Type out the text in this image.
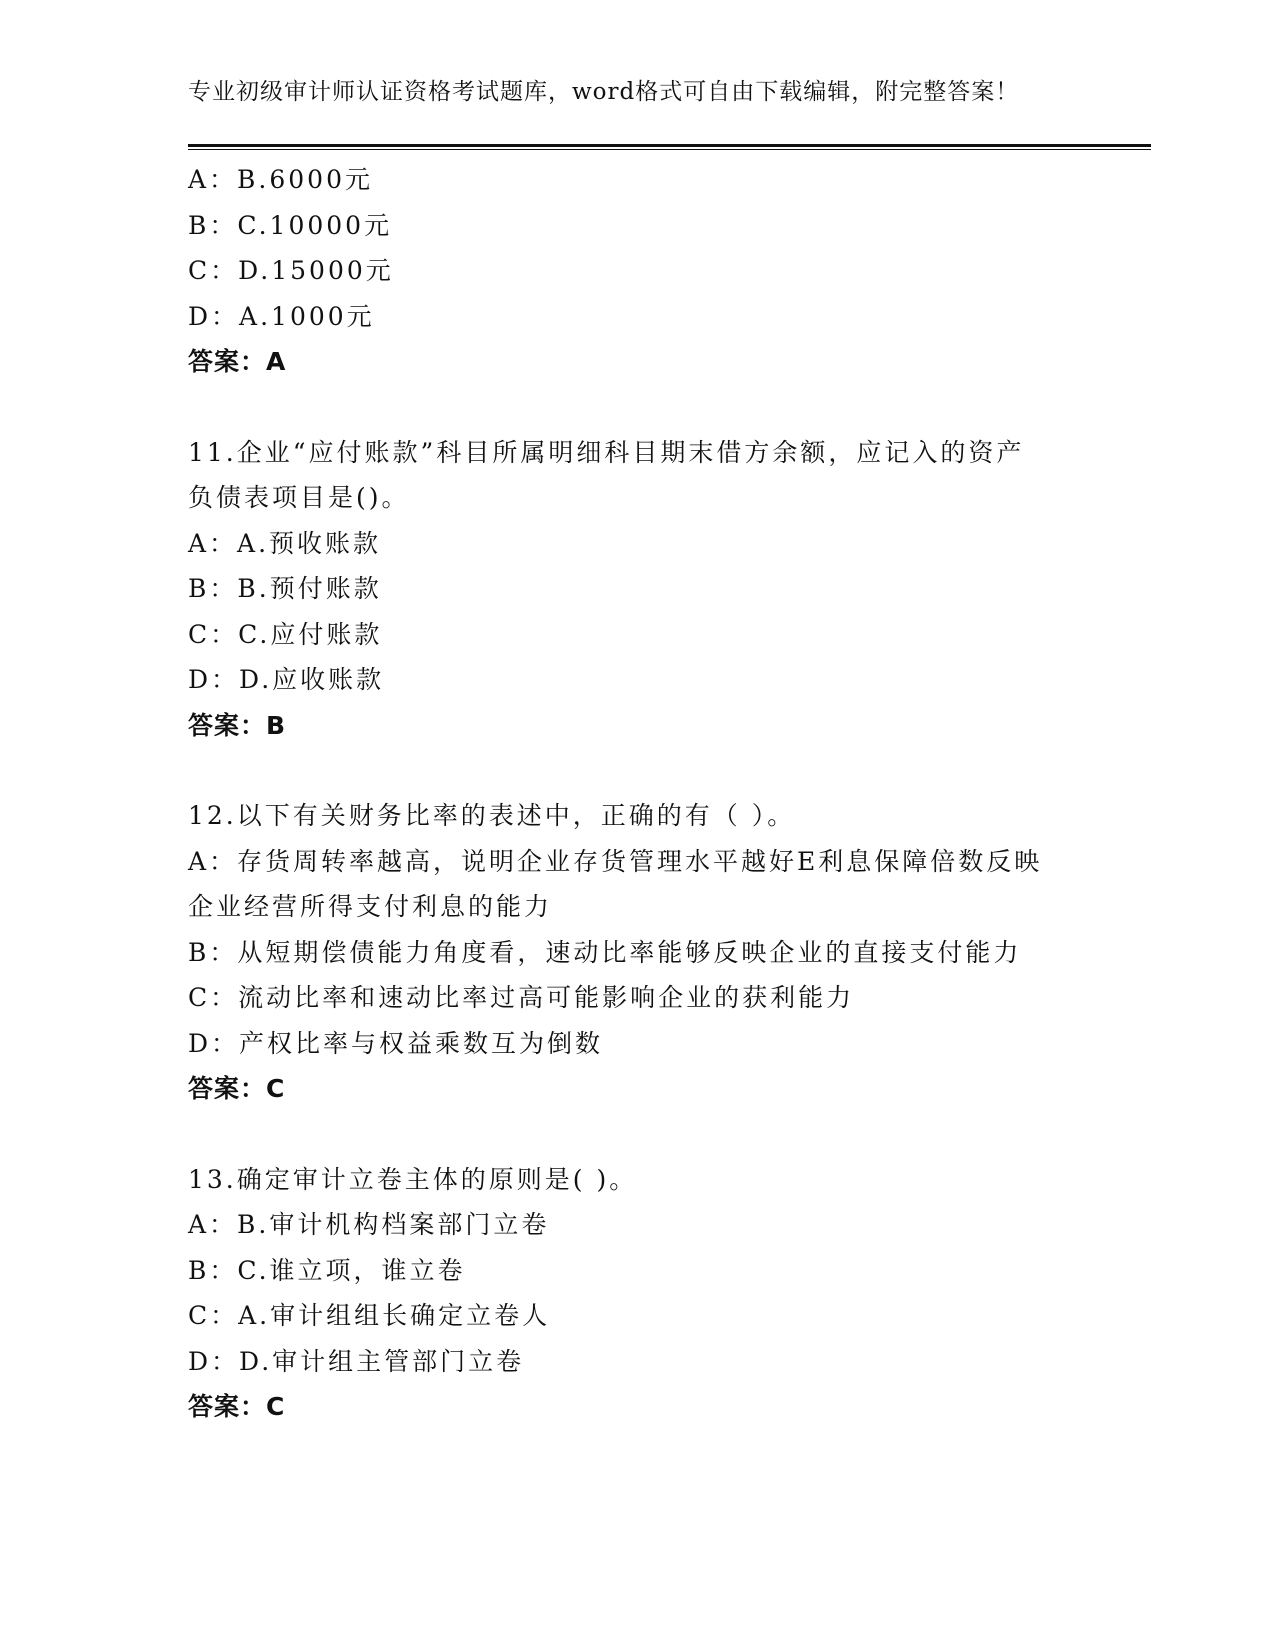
专业初级审计师认证资格考试题库，word格式可自由下载编辑，附完整答案！
A：B.6000元
B：C.10000元
C：D.15000元
D：A.1000元
答案：A
11.企业“应付账款”科目所属明细科目期末借方余额，应记入的资产
负债表项目是()。
A：A.预收账款
B：B.预付账款
C：C.应付账款
D：D.应收账款
答案：B
12.以下有关财务比率的表述中，正确的有（ ）。
A：存货周转率越高，说明企业存货管理水平越好E利息保障倍数反映
企业经营所得支付利息的能力
B：从短期偿债能力角度看，速动比率能够反映企业的直接支付能力
C：流动比率和速动比率过高可能影响企业的获利能力
D：产权比率与权益乘数互为倒数
答案：C
13.确定审计立卷主体的原则是( )。
A：B.审计机构档案部门立卷
B：C.谁立项，谁立卷
C：A.审计组组长确定立卷人
D：D.审计组主管部门立卷
答案：C
